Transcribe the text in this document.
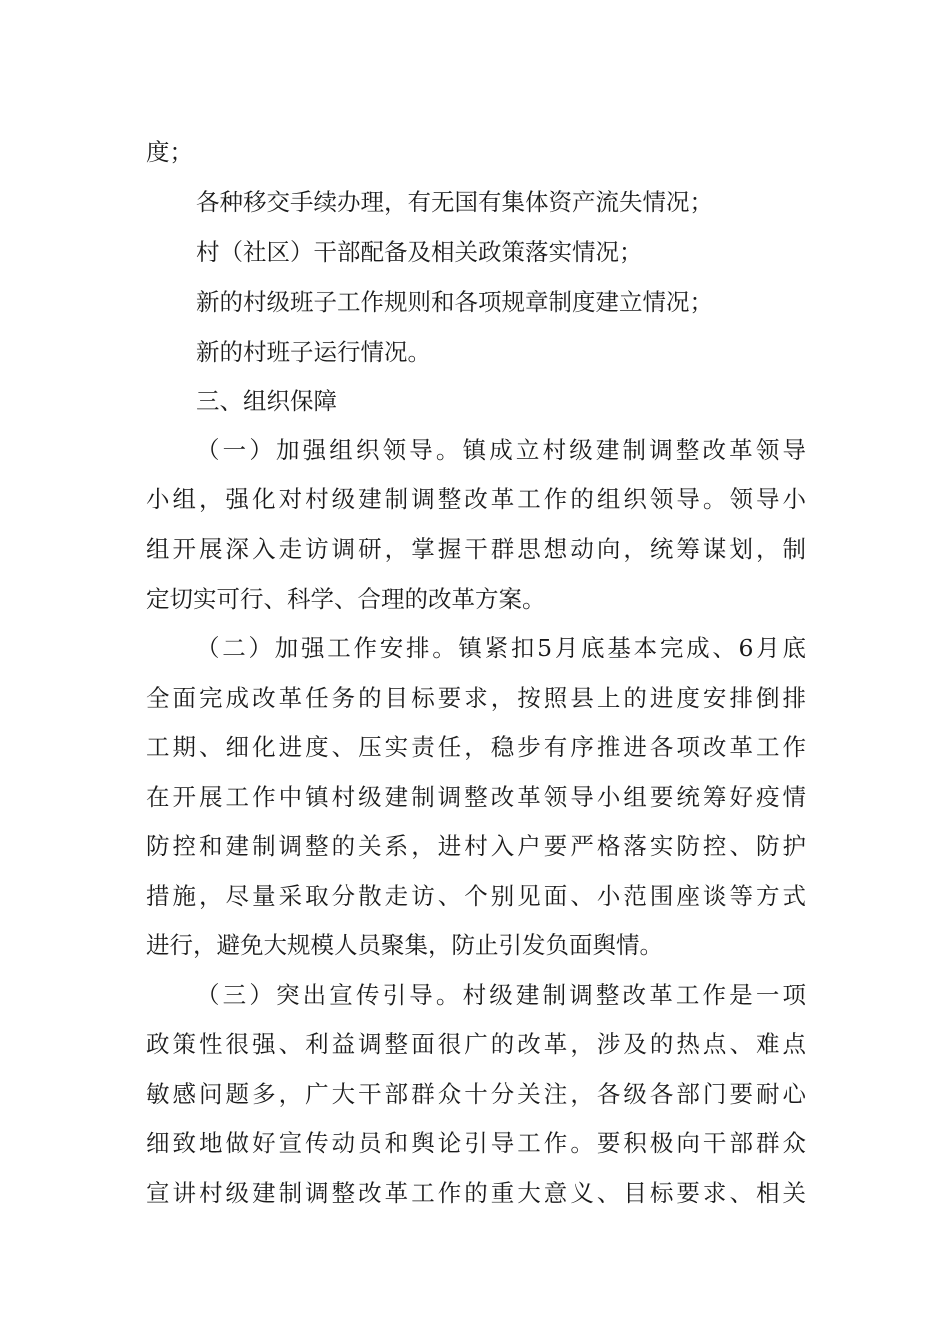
度；

各种移交手续办理，有无国有集体资产流失情况；

村（社区）干部配备及相关政策落实情况；

新的村级班子工作规则和各项规章制度建立情况；

新的村班子运行情况。

三、组织保障

（一）加强组织领导。镇成立村级建制调整改革领导

小组，强化对村级建制调整改革工作的组织领导。领导小

组开展深入走访调研，掌握干群思想动向，统筹谋划，制

定切实可行、科学、合理的改革方案。

（二）加强工作安排。镇紧扣5月底基本完成、6月底

全面完成改革任务的目标要求，按照县上的进度安排倒排

工期、细化进度、压实责任，稳步有序推进各项改革工作

在开展工作中镇村级建制调整改革领导小组要统筹好疫情

防控和建制调整的关系，进村入户要严格落实防控、防护

措施，尽量采取分散走访、个别见面、小范围座谈等方式

进行，避免大规模人员聚集，防止引发负面舆情。

（三）突出宣传引导。村级建制调整改革工作是一项

政策性很强、利益调整面很广的改革，涉及的热点、难点

敏感问题多，广大干部群众十分关注，各级各部门要耐心

细致地做好宣传动员和舆论引导工作。要积极向干部群众

宣讲村级建制调整改革工作的重大意义、目标要求、相关
